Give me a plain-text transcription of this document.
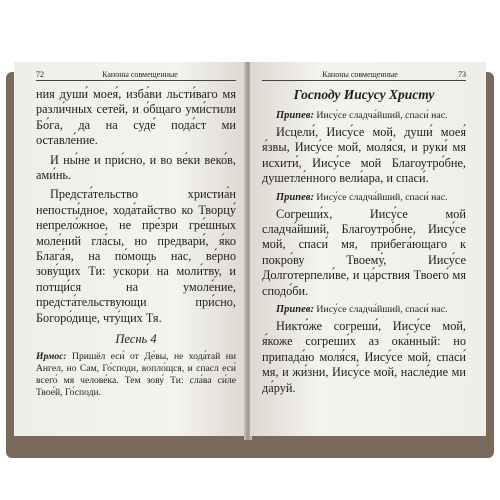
72	Каноны совмещенные

ния души́ моея́, изба́ви льсти́ваго мя разли́чных сетей, и о́бщаго уми́стили Бо́га, да на суде́ пода́ст ми оставле́ние.

И ны́не и при́сно, и во ве́ки веко́в, ами́нь.

Предста́тельство христиа́н непосты́дное, хода́тайство ко Творцу́ непрело́жное, не пре́зри гре́шных моле́ний гла́сы, но предвари́, я́ко Блага́я, на по́мощь нас, ве́рно зову́щих Ти: ускори́ на моли́тву, и потщи́ся на умоле́ние, предста́тельствующи при́сно, Богоро́дице, чту́щих Тя.

Песнь 4

Ирмос: Пришёл еси́ от Де́вы, не хода́тай ни Ангел, но Сам, Го́споди, вопло́щся, и спасл еси́ всего́ мя челове́ка. Тем зову́ Ти: сла́ва си́ле Твое́й, Го́споди.

Каноны совмещенные	73
Господу Иисусу Христу

Припев: Иису́се сладча́йший, спаси́ нас.

Исцели́, Иису́се мой, души́ моея́ я́звы, Иису́се мой, моля́ся, и руки́ мя исхити́, Иису́се мой Благоутро́бне, душетле́нного вели́ара, и спаси́.

Припев: Иису́се сладча́йший, спаси́ нас.

Согреши́х, Иису́се мой сладча́йший, Благоутро́бне, Иису́се мой, спаси́ мя, прибега́ющаго к покро́ву Твоему́, Иису́се Долготерпели́ве, и ца́рствия Твоего́ мя сподо́би.

Припев: Иису́се сладча́йший, спаси́ нас.

Никто́же согреши́, Иису́се мой, я́коже согреши́х аз ока́нный: но припада́ю моля́ся, Иису́се мой, спаси́ мя, и жи́зни, Иису́се мой, насле́дие ми да́руй.
